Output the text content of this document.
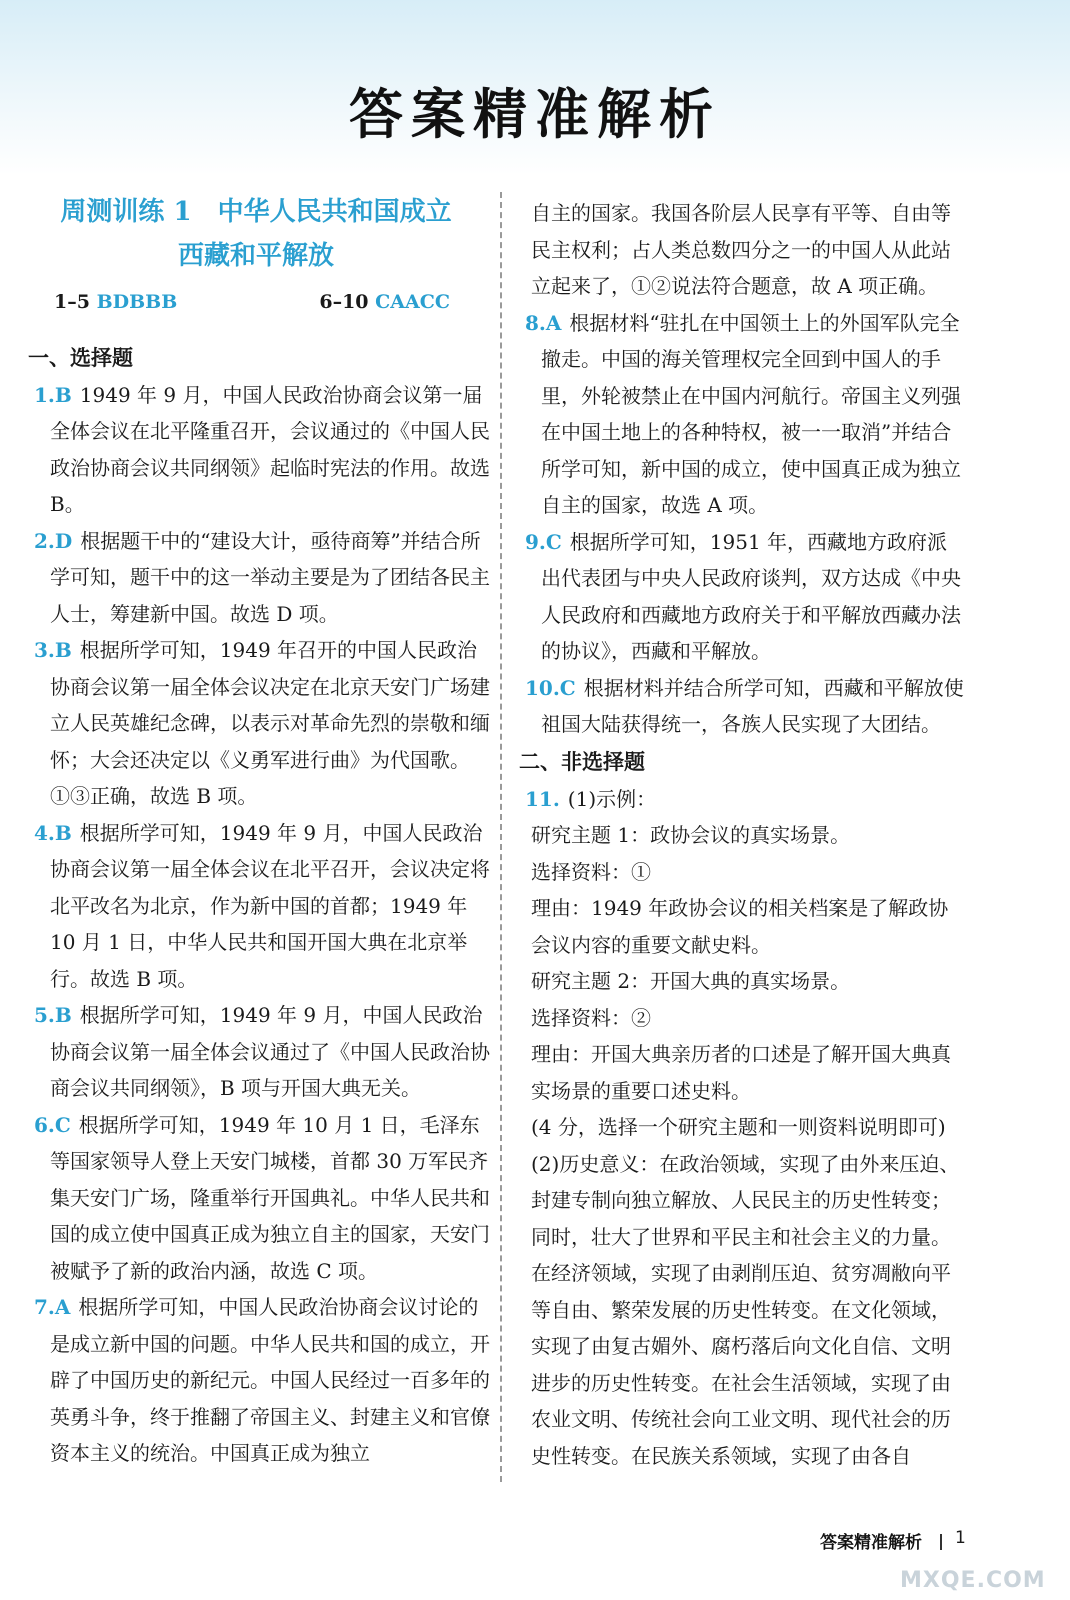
答案精准解析

周测训练 1　中华人民共和国成立

西藏和平解放

1–5 BDBBB	6–10 CAACC

一、选择题

1.B 1949 年 9 月，中国人民政治协商会议第一届全体会议在北平隆重召开，会议通过的《中国人民政治协商会议共同纲领》起临时宪法的作用。故选 B。

2.D 根据题干中的“建设大计，亟待商筹”并结合所学可知，题干中的这一举动主要是为了团结各民主人士，筹建新中国。故选 D 项。

3.B 根据所学可知，1949 年召开的中国人民政治协商会议第一届全体会议决定在北京天安门广场建立人民英雄纪念碑，以表示对革命先烈的崇敬和缅怀；大会还决定以《义勇军进行曲》为代国歌。①③正确，故选 B 项。

4.B 根据所学可知，1949 年 9 月，中国人民政治协商会议第一届全体会议在北平召开，会议决定将北平改名为北京，作为新中国的首都；1949 年 10 月 1 日，中华人民共和国开国大典在北京举行。故选 B 项。

5.B 根据所学可知，1949 年 9 月，中国人民政治协商会议第一届全体会议通过了《中国人民政治协商会议共同纲领》，B 项与开国大典无关。

6.C 根据所学可知，1949 年 10 月 1 日，毛泽东等国家领导人登上天安门城楼，首都 30 万军民齐集天安门广场，隆重举行开国典礼。中华人民共和国的成立使中国真正成为独立自主的国家，天安门被赋予了新的政治内涵，故选 C 项。

7.A 根据所学可知，中国人民政治协商会议讨论的是成立新中国的问题。中华人民共和国的成立，开辟了中国历史的新纪元。中国人民经过一百多年的英勇斗争，终于推翻了帝国主义、封建主义和官僚资本主义的统治。中国真正成为独立

自主的国家。我国各阶层人民享有平等、自由等民主权利；占人类总数四分之一的中国人从此站立起来了，①②说法符合题意，故 A 项正确。

8.A 根据材料“驻扎在中国领土上的外国军队完全撤走。中国的海关管理权完全回到中国人的手里，外轮被禁止在中国内河航行。帝国主义列强在中国土地上的各种特权，被一一取消”并结合所学可知，新中国的成立，使中国真正成为独立自主的国家，故选 A 项。

9.C 根据所学可知，1951 年，西藏地方政府派出代表团与中央人民政府谈判，双方达成《中央人民政府和西藏地方政府关于和平解放西藏办法的协议》，西藏和平解放。

10.C 根据材料并结合所学可知，西藏和平解放使祖国大陆获得统一，各族人民实现了大团结。

二、非选择题

11. (1)示例：

研究主题 1：政协会议的真实场景。

选择资料：①

理由：1949 年政协会议的相关档案是了解政协会议内容的重要文献史料。

研究主题 2：开国大典的真实场景。

选择资料：②

理由：开国大典亲历者的口述是了解开国大典真实场景的重要口述史料。

(4 分，选择一个研究主题和一则资料说明即可)

(2)历史意义：在政治领域，实现了由外来压迫、封建专制向独立解放、人民民主的历史性转变；同时，壮大了世界和平民主和社会主义的力量。在经济领域，实现了由剥削压迫、贫穷凋敝向平等自由、繁荣发展的历史性转变。在文化领域，实现了由复古媚外、腐朽落后向文化自信、文明进步的历史性转变。在社会生活领域，实现了由农业文明、传统社会向工业文明、现代社会的历史性转变。在民族关系领域，实现了由各自

答案精准解析 1
MXQE.COM
